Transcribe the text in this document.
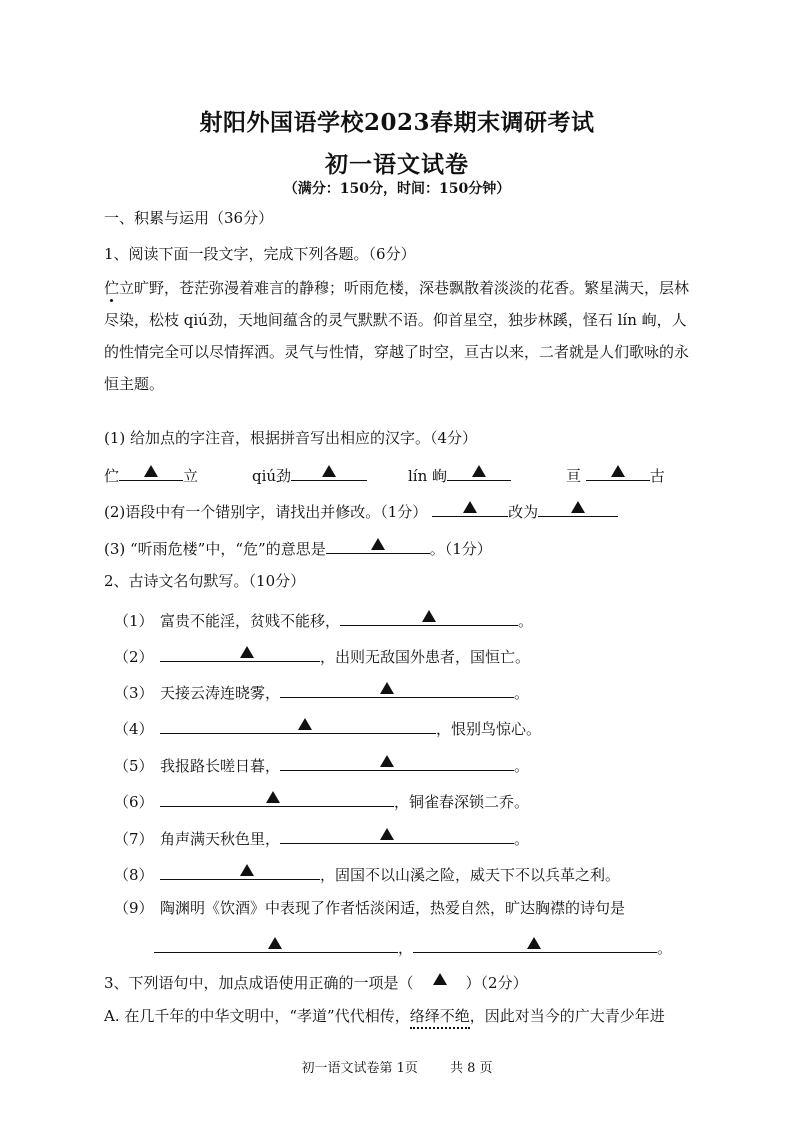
射阳外国语学校2023春期末调研考试
初一语文试卷
（满分：150分，时间：150分钟）
一、积累与运用（36分）
1、阅读下面一段文字，完成下列各题。（6分）
伫立旷野，苍茫弥漫着难言的静穆；听雨危楼，深巷飘散着淡淡的花香。繁星满天，层林
尽染，松枝 qiú劲，天地间蕴含的灵气默默不语。仰首星空，独步林蹊，怪石 lín 峋，人
的性情完全可以尽情挥洒。灵气与性情，穿越了时空，亘古以来，二者就是人们歌咏的永
恒主题。
(1) 给加点的字注音，根据拼音写出相应的汉字。（4分）
伫	立	qiú劲	lín 峋	亘	古
(2)语段中有一个错别字，请找出并修改。（1分）	改为
(3) “听雨危楼”中，“危”的意思是	。（1分）
2、古诗文名句默写。（10分）
（1） 富贵不能淫，贫贱不能移，	。
（2）	，出则无敌国外患者，国恒亡。
（3） 天接云涛连晓雾，	。
（4）	，恨别鸟惊心。
（5） 我报路长嗟日暮，	。
（6）	，铜雀春深锁二乔。
（7） 角声满天秋色里，	。
（8）	，固国不以山溪之险，威天下不以兵革之利。
（9） 陶渊明《饮酒》中表现了作者恬淡闲适，热爱自然，旷达胸襟的诗句是
，	。
3、下列语句中，加点成语使用正确的一项是（	）（2分）
A. 在几千年的中华文明中，“孝道”代代相传，络绎不绝，因此对当今的广大青少年进
初一语文试卷第 1页 共 8 页
